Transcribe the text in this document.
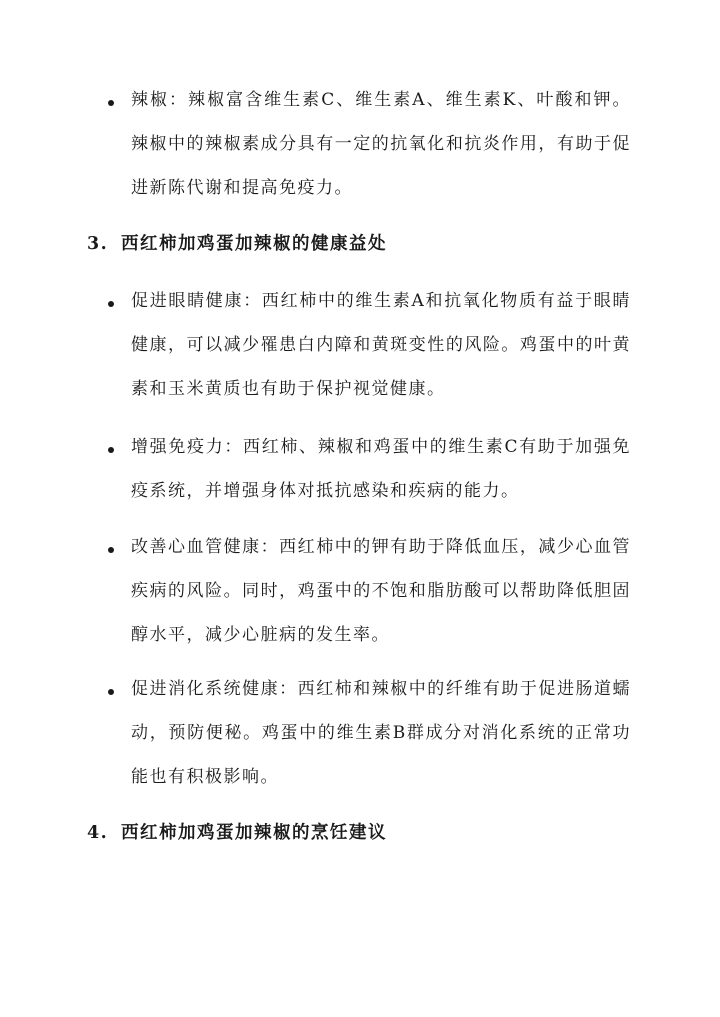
辣椒：辣椒富含维生素C、维生素A、维生素K、叶酸和钾。辣椒中的辣椒素成分具有一定的抗氧化和抗炎作用，有助于促进新陈代谢和提高免疫力。
3. 西红柿加鸡蛋加辣椒的健康益处
促进眼睛健康：西红柿中的维生素A和抗氧化物质有益于眼睛健康，可以减少罹患白内障和黄斑变性的风险。鸡蛋中的叶黄素和玉米黄质也有助于保护视觉健康。
增强免疫力：西红柿、辣椒和鸡蛋中的维生素C有助于加强免疫系统，并增强身体对抵抗感染和疾病的能力。
改善心血管健康：西红柿中的钾有助于降低血压，减少心血管疾病的风险。同时，鸡蛋中的不饱和脂肪酸可以帮助降低胆固醇水平，减少心脏病的发生率。
促进消化系统健康：西红柿和辣椒中的纤维有助于促进肠道蠕动，预防便秘。鸡蛋中的维生素B群成分对消化系统的正常功能也有积极影响。
4. 西红柿加鸡蛋加辣椒的烹饪建议
